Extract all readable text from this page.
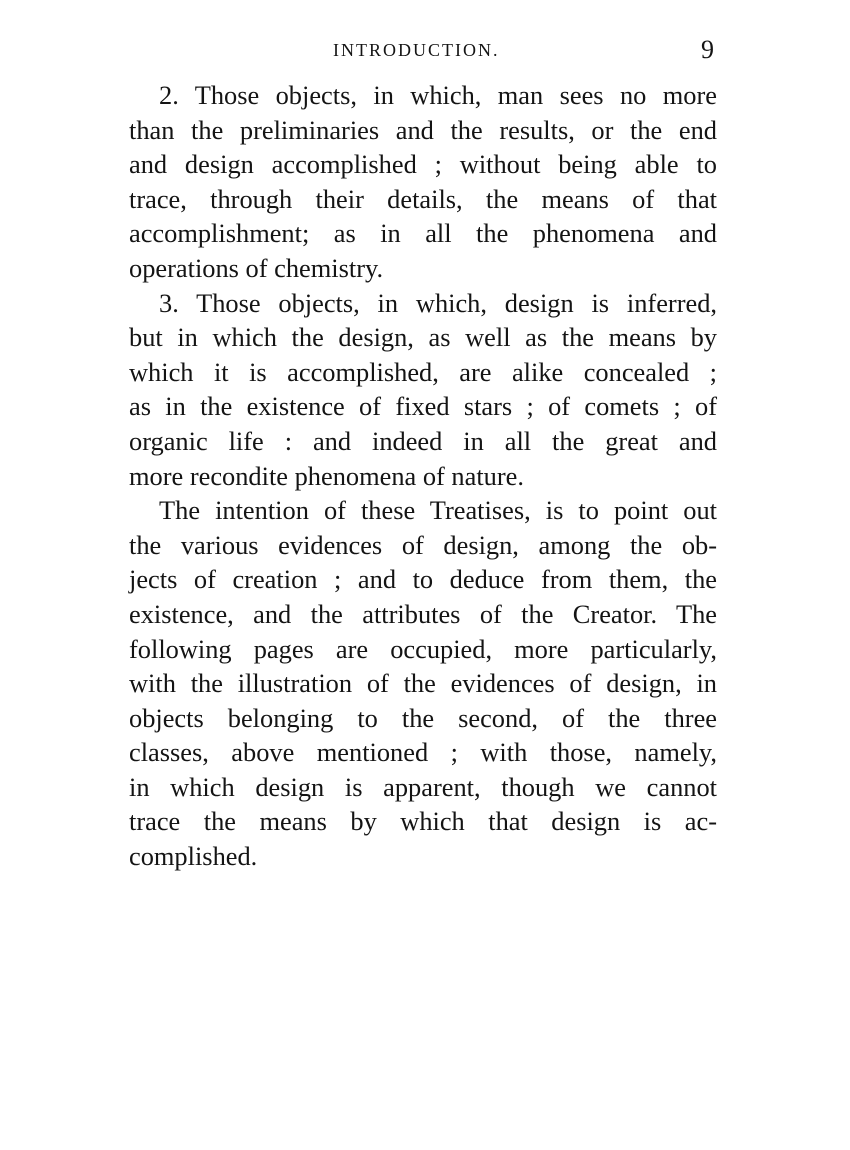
INTRODUCTION.	9
2. Those objects, in which, man sees no more
than the preliminaries and the results, or the end
and design accomplished ; without being able to
trace, through their details, the means of that
accomplishment; as in all the phenomena and
operations of chemistry.
3. Those objects, in which, design is inferred,
but in which the design, as well as the means by
which it is accomplished, are alike concealed ;
as in the existence of fixed stars ; of comets ; of
organic life : and indeed in all the great and
more recondite phenomena of nature.
The intention of these Treatises, is to point out
the various evidences of design, among the ob-
jects of creation ; and to deduce from them, the
existence, and the attributes of the Creator. The
following pages are occupied, more particularly,
with the illustration of the evidences of design, in
objects belonging to the second, of the three
classes, above mentioned ; with those, namely,
in which design is apparent, though we cannot
trace the means by which that design is ac-
complished.
